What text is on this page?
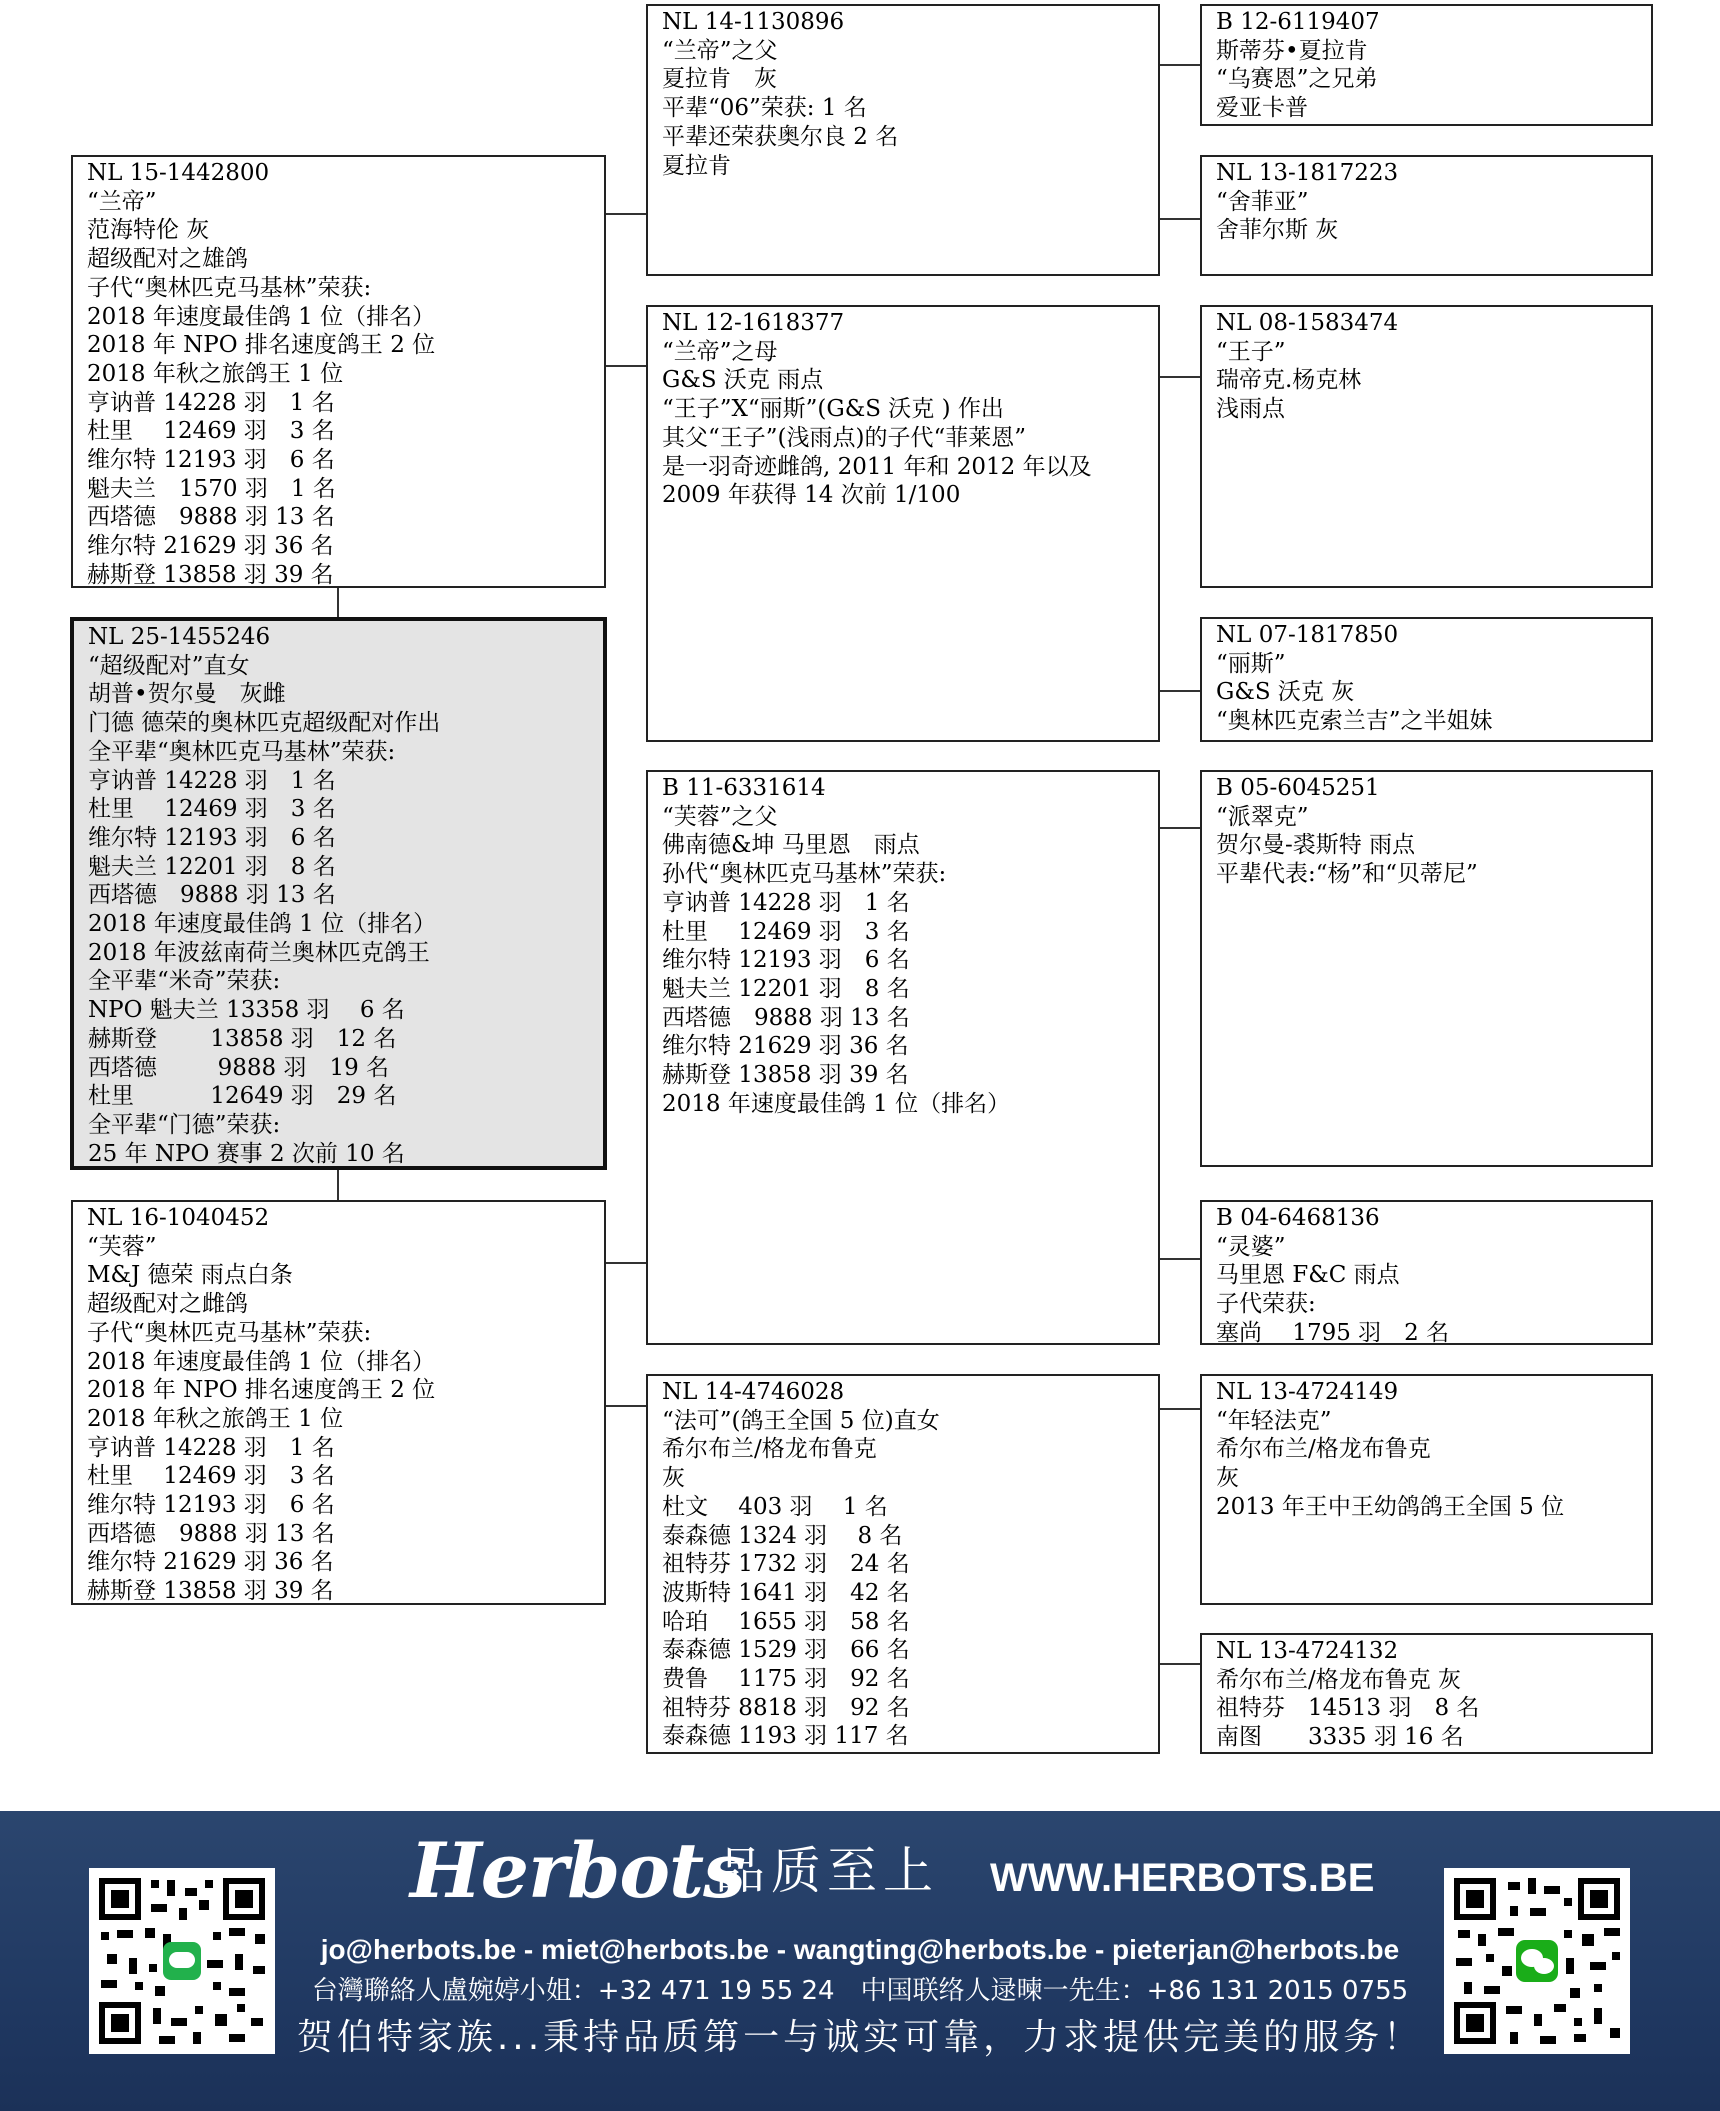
NL 15-1442800
“兰帝”
范海特伦 灰
超级配对之雄鸽
子代“奥林匹克马基林”荣获:
2018 年速度最佳鸽 1 位（排名）
2018 年 NPO 排名速度鸽王 2 位
2018 年秋之旅鸽王 1 位
亨讷普 14228 羽　1 名
杜里　 12469 羽　3 名
维尔特 12193 羽　6 名
魁夫兰　1570 羽　1 名
西塔德　9888 羽 13 名
维尔特 21629 羽 36 名
赫斯登 13858 羽 39 名
NL 25-1455246
“超级配对”直女
胡普•贺尔曼　灰雌
门德 德荣的奥林匹克超级配对作出
全平辈“奥林匹克马基林”荣获:
亨讷普 14228 羽　1 名
杜里　 12469 羽　3 名
维尔特 12193 羽　6 名
魁夫兰 12201 羽　8 名
西塔德　9888 羽 13 名
2018 年速度最佳鸽 1 位（排名）
2018 年波兹南荷兰奥林匹克鸽王
全平辈“米奇”荣获:
NPO 魁夫兰 13358 羽　 6 名
赫斯登　　 13858 羽　12 名
西塔德　　  9888 羽　19 名
杜里　　　 12649 羽　29 名
全平辈“门德”荣获:
25 年 NPO 赛事 2 次前 10 名
NL 16-1040452
“芙蓉”
M&J 德荣 雨点白条
超级配对之雌鸽
子代“奥林匹克马基林”荣获:
2018 年速度最佳鸽 1 位（排名）
2018 年 NPO 排名速度鸽王 2 位
2018 年秋之旅鸽王 1 位
亨讷普 14228 羽　1 名
杜里　 12469 羽　3 名
维尔特 12193 羽　6 名
西塔德　9888 羽 13 名
维尔特 21629 羽 36 名
赫斯登 13858 羽 39 名
NL 14-1130896
“兰帝”之父
夏拉肯　灰
平辈“06”荣获: 1 名
平辈还荣获奥尔良 2 名
夏拉肯
NL 12-1618377
“兰帝”之母
G&S 沃克 雨点
“王子”X“丽斯”(G&S 沃克 ) 作出
其父“王子”(浅雨点)的子代“菲莱恩”
是一羽奇迹雌鸽, 2011 年和 2012 年以及
2009 年获得 14 次前 1/100
B 11-6331614
“芙蓉”之父
佛南德&坤 马里恩　雨点
孙代“奥林匹克马基林”荣获:
亨讷普 14228 羽　1 名
杜里　 12469 羽　3 名
维尔特 12193 羽　6 名
魁夫兰 12201 羽　8 名
西塔德　9888 羽 13 名
维尔特 21629 羽 36 名
赫斯登 13858 羽 39 名
2018 年速度最佳鸽 1 位（排名）
NL 14-4746028
“法可”(鸽王全国 5 位)直女
希尔布兰/格龙布鲁克
灰
杜文　 403 羽　 1 名
泰森德 1324 羽　 8 名
祖特芬 1732 羽　24 名
波斯特 1641 羽　42 名
哈珀　 1655 羽　58 名
泰森德 1529 羽　66 名
费鲁　 1175 羽　92 名
祖特芬 8818 羽　92 名
泰森德 1193 羽 117 名
B 12-6119407
斯蒂芬•夏拉肯
“乌赛恩”之兄弟
爱亚卡普
NL 13-1817223
“舍菲亚”
舍菲尔斯 灰
NL 08-1583474
“王子”
瑞帝克.杨克林
浅雨点
NL 07-1817850
“丽斯”
G&S 沃克 灰
“奥林匹克索兰吉”之半姐妹
B 05-6045251
“派翠克”
贺尔曼-裘斯特 雨点
平辈代表:“杨”和“贝蒂尼”
B 04-6468136
“灵婆”
马里恩 F&C 雨点
子代荣获:
塞尚　 1795 羽　2 名
NL 13-4724149
“年轻法克”
希尔布兰/格龙布鲁克
灰
2013 年王中王幼鸽鸽王全国 5 位
NL 13-4724132
希尔布兰/格龙布鲁克 灰
祖特芬　14513 羽　8 名
南图　　3335 羽 16 名
Herbots
品质至上 WWW.HERBOTS.BE
jo@herbots.be - miet@herbots.be - wangting@herbots.be - pieterjan@herbots.be
台灣聯絡人盧婉婷小姐：+32 471 19 55 24　中国联络人逯暕一先生：+86 131 2015 0755
贺伯特家族...秉持品质第一与诚实可靠，力求提供完美的服务！
